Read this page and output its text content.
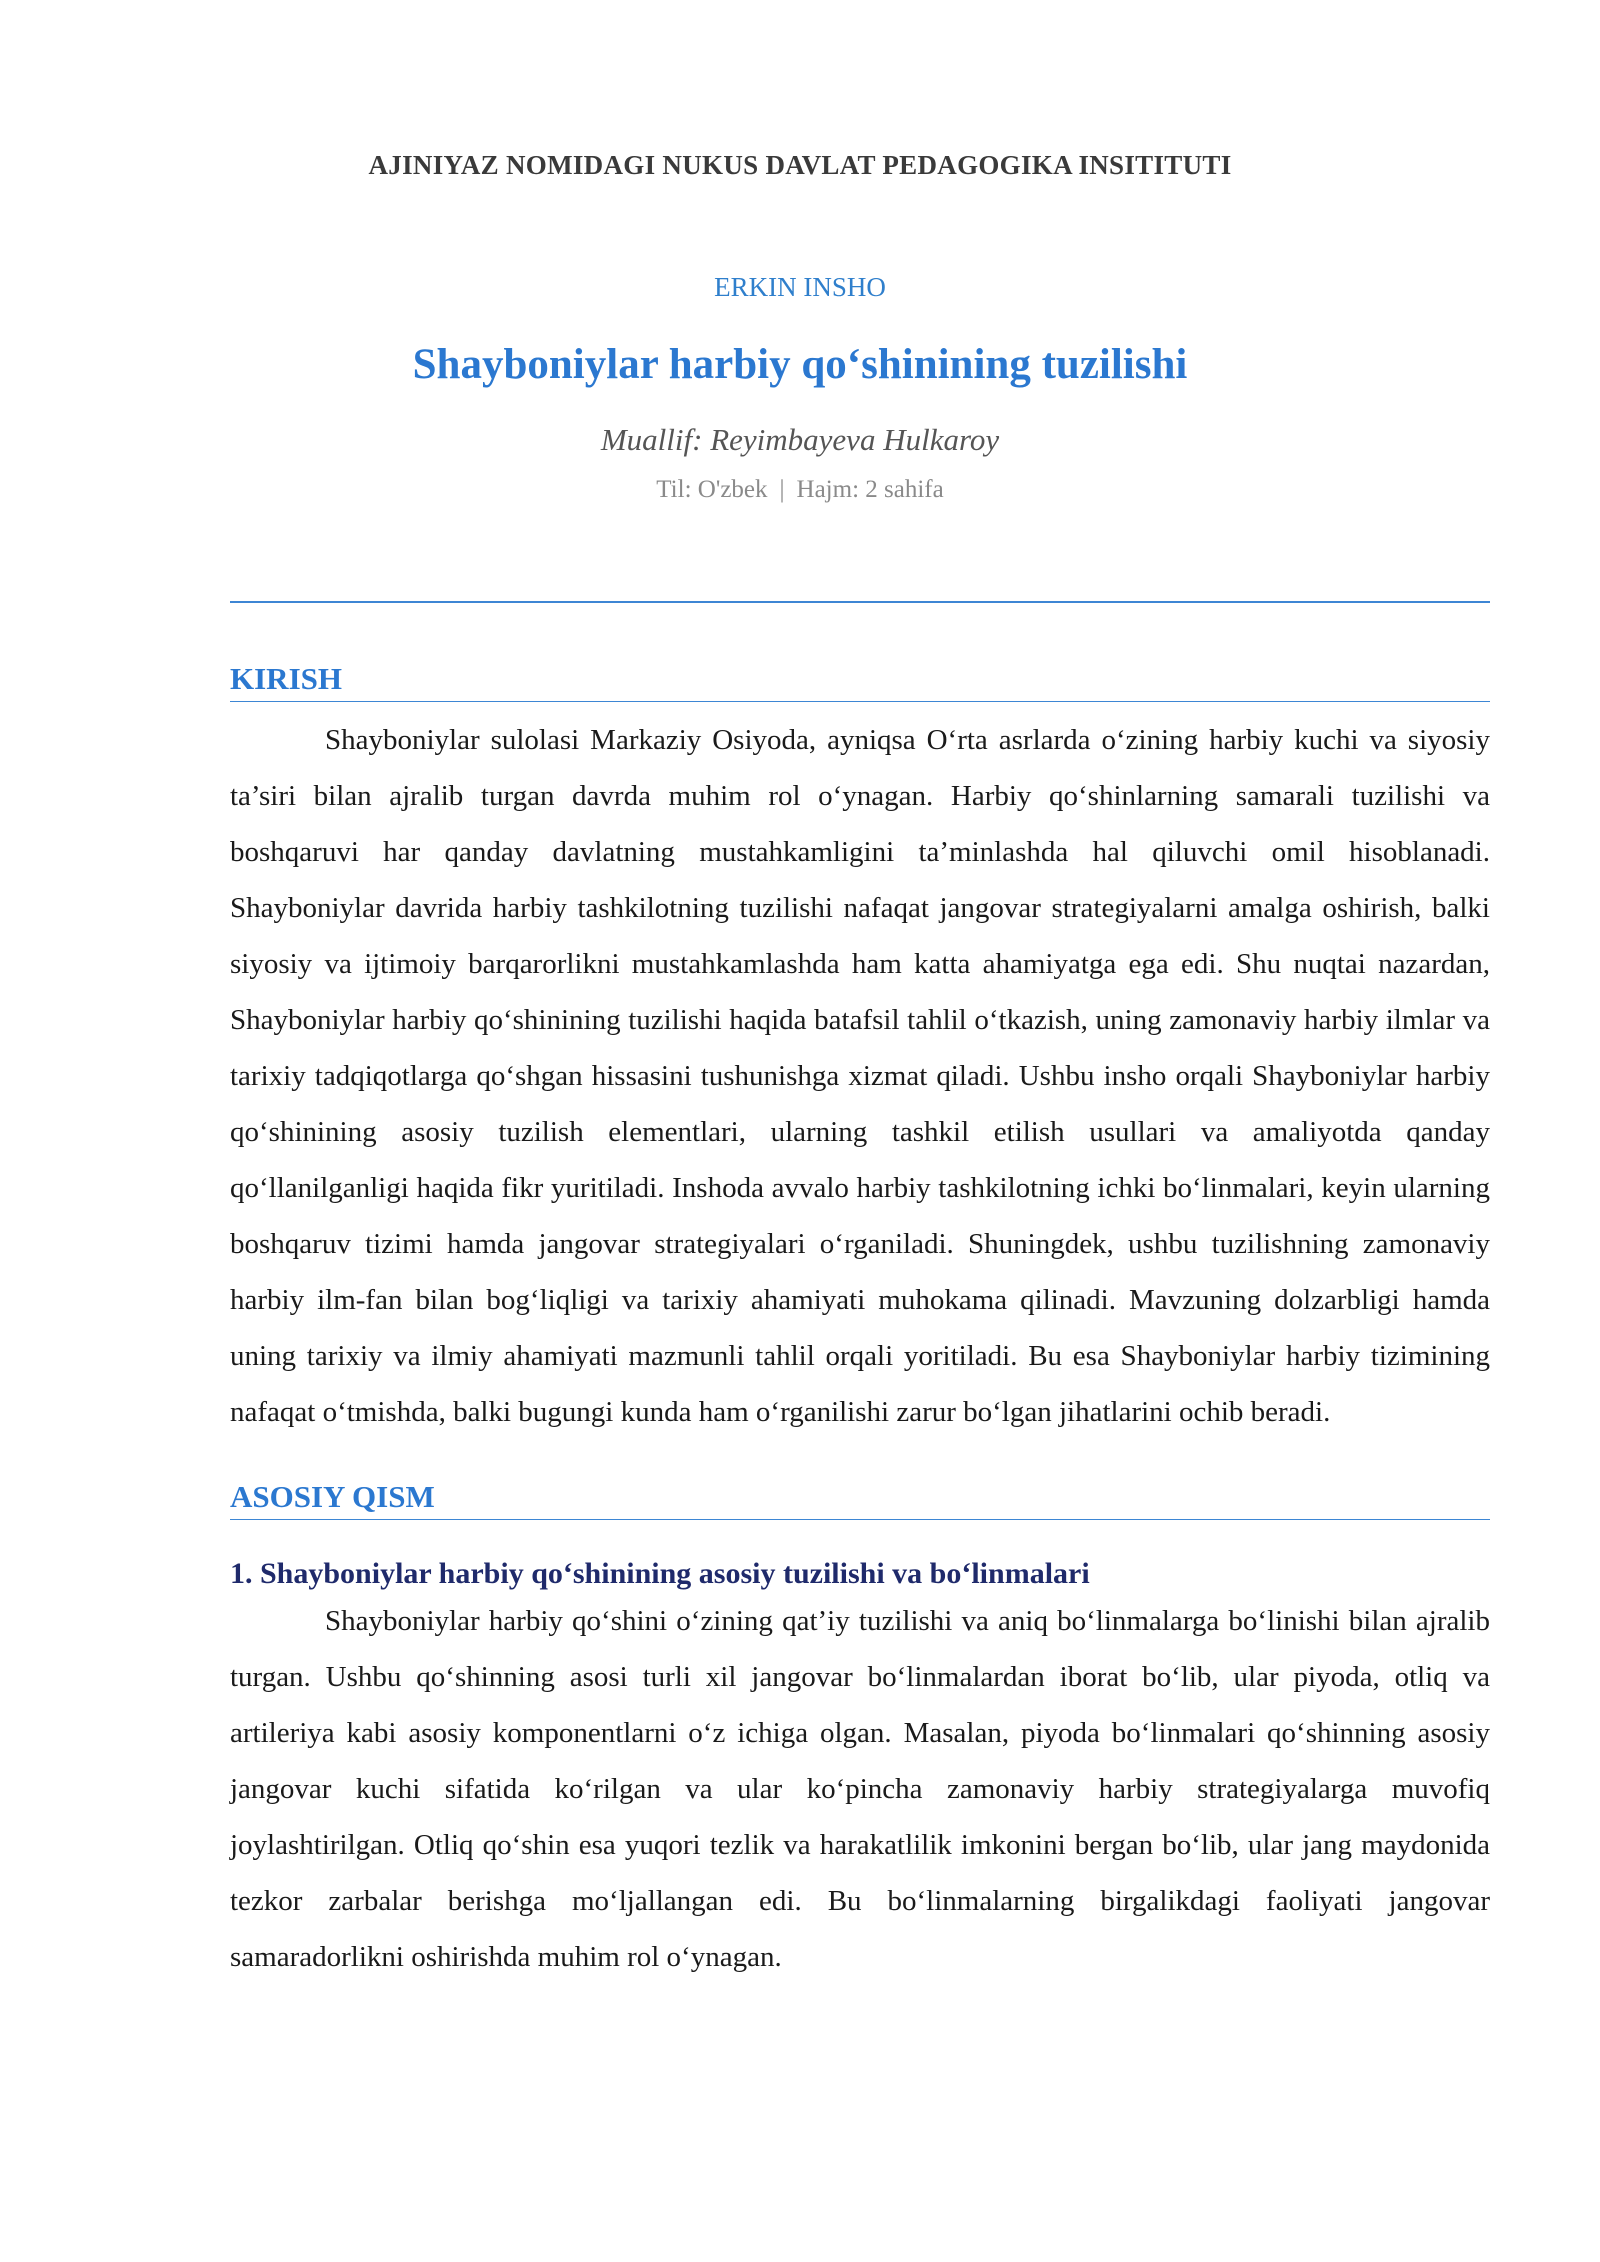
AJINIYAZ NOMIDAGI NUKUS DAVLAT PEDAGOGIKA INSITITUTI
ERKIN INSHO
Shayboniylar harbiy qo‘shinining tuzilishi
Muallif: Reyimbayeva Hulkaroy
Til: O'zbek | Hajm: 2 sahifa
KIRISH

Shayboniylar sulolasi Markaziy Osiyoda, ayniqsa O‘rta asrlarda o‘zining harbiy kuchi va siyosiy ta’siri bilan ajralib turgan davrda muhim rol o‘ynagan. Harbiy qo‘shinlarning samarali tuzilishi va boshqaruvi har qanday davlatning mustahkamligini ta’minlashda hal qiluvchi omil hisoblanadi. Shayboniylar davrida harbiy tashkilotning tuzilishi nafaqat jangovar strategiyalarni amalga oshirish, balki siyosiy va ijtimoiy barqarorlikni mustahkamlashda ham katta ahamiyatga ega edi. Shu nuqtai nazardan, Shayboniylar harbiy qo‘shinining tuzilishi haqida batafsil tahlil o‘tkazish, uning zamonaviy harbiy ilmlar va tarixiy tadqiqotlarga qo‘shgan hissasini tushunishga xizmat qiladi. Ushbu insho orqali Shayboniylar harbiy qo‘shinining asosiy tuzilish elementlari, ularning tashkil etilish usullari va amaliyotda qanday qo‘llanilganligi haqida fikr yuritiladi. Inshoda avvalo harbiy tashkilotning ichki bo‘linmalari, keyin ularning boshqaruv tizimi hamda jangovar strategiyalari o‘rganiladi. Shuningdek, ushbu tuzilishning zamonaviy harbiy ilm-fan bilan bog‘liqligi va tarixiy ahamiyati muhokama qilinadi. Mavzuning dolzarbligi hamda uning tarixiy va ilmiy ahamiyati mazmunli tahlil orqali yoritiladi. Bu esa Shayboniylar harbiy tizimining nafaqat o‘tmishda, balki bugungi kunda ham o‘rganilishi zarur bo‘lgan jihatlarini ochib beradi.

ASOSIY QISM
1. Shayboniylar harbiy qo‘shinining asosiy tuzilishi va bo‘linmalari

Shayboniylar harbiy qo‘shini o‘zining qat’iy tuzilishi va aniq bo‘linmalarga bo‘linishi bilan ajralib turgan. Ushbu qo‘shinning asosi turli xil jangovar bo‘linmalardan iborat bo‘lib, ular piyoda, otliq va artileriya kabi asosiy komponentlarni o‘z ichiga olgan. Masalan, piyoda bo‘linmalari qo‘shinning asosiy jangovar kuchi sifatida ko‘rilgan va ular ko‘pincha zamonaviy harbiy strategiyalarga muvofiq joylashtirilgan. Otliq qo‘shin esa yuqori tezlik va harakatlilik imkonini bergan bo‘lib, ular jang maydonida tezkor zarbalar berishga mo‘ljallangan edi. Bu bo‘linmalarning birgalikdagi faoliyati jangovar samaradorlikni oshirishda muhim rol o‘ynagan.
